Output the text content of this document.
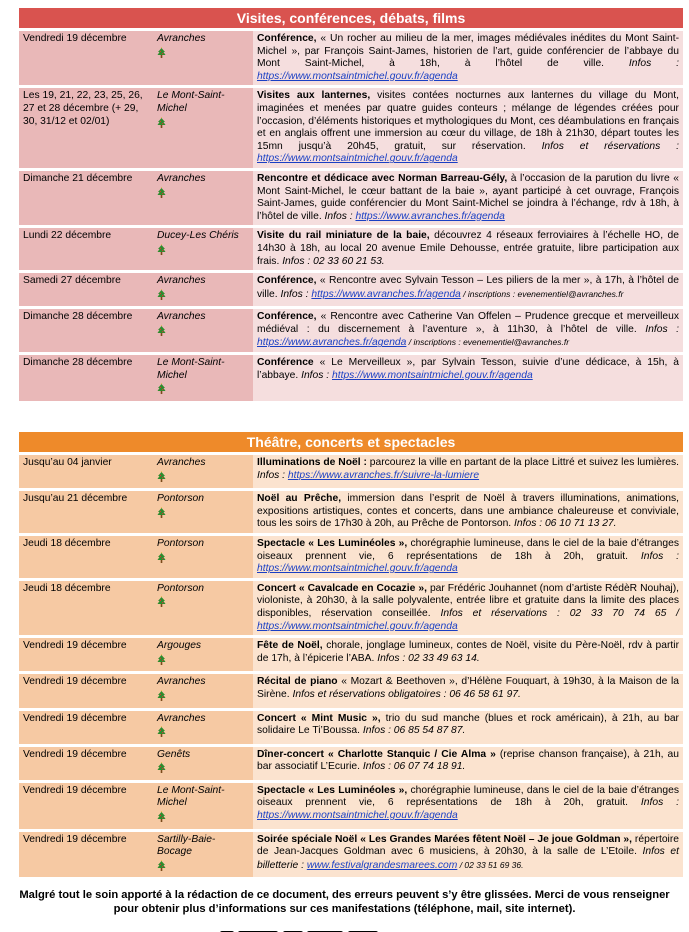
Visites, conférences, débats, films
Vendredi 19 décembre	Avranches	Conférence, « Un rocher au milieu de la mer, images médiévales inédites du Mont Saint-Michel », par François Saint-James, historien de l’art, guide conférencier de l’abbaye du Mont Saint-Michel, à 18h, à l’hôtel de ville. Infos : https://www.montsaintmichel.gouv.fr/agenda
Les 19, 21, 22, 23, 25, 26, 27 et 28 décembre (+ 29, 30, 31/12 et 02/01)	Le Mont-Saint-Michel	Visites aux lanternes, visites contées nocturnes aux lanternes du village du Mont, imaginées et menées par quatre guides conteurs ; mélange de légendes créées pour l’occasion, d’éléments historiques et mythologiques du Mont, ces déambulations en français et en anglais offrent une immersion au cœur du village, de 18h à 21h30, départ toutes les 15mn jusqu’à 20h45, gratuit, sur réservation. Infos et réservations : https://www.montsaintmichel.gouv.fr/agenda
Dimanche 21 décembre	Avranches	Rencontre et dédicace avec Norman Barreau-Gély, à l’occasion de la parution du livre « Mont Saint-Michel, le cœur battant de la baie », ayant participé à cet ouvrage, François Saint-James, guide conférencier du Mont Saint-Michel se joindra à l’échange, rdv à 18h, à l’hôtel de ville. Infos : https://www.avranches.fr/agenda
Lundi 22 décembre	Ducey-Les Chéris	Visite du rail miniature de la baie, découvrez 4 réseaux ferroviaires à l’échelle HO, de 14h30 à 18h, au local 20 avenue Emile Dehousse, entrée gratuite, libre participation aux frais. Infos : 02 33 60 21 53.
Samedi 27 décembre	Avranches	Conférence, « Rencontre avec Sylvain Tesson – Les piliers de la mer », à 17h, à l’hôtel de ville. Infos : https://www.avranches.fr/agenda / inscriptions : evenementiel@avranches.fr
Dimanche 28 décembre	Avranches	Conférence, « Rencontre avec Catherine Van Offelen – Prudence grecque et merveilleux médiéval : du discernement à l’aventure », à 11h30, à l’hôtel de ville. Infos : https://www.avranches.fr/agenda / inscriptions : evenementiel@avranches.fr
Dimanche 28 décembre	Le Mont-Saint-Michel	Conférence « Le Merveilleux », par Sylvain Tesson, suivie d’une dédicace, à 15h, à l’abbaye. Infos : https://www.montsaintmichel.gouv.fr/agenda
Théâtre, concerts et spectacles
Jusqu’au 04 janvier	Avranches	Illuminations de Noël : parcourez la ville en partant de la place Littré et suivez les lumières. Infos : https://www.avranches.fr/suivre-la-lumiere
Jusqu’au 21 décembre	Pontorson	Noël au Prêche, immersion dans l’esprit de Noël à travers illuminations, animations, expositions artistiques, contes et concerts, dans une ambiance chaleureuse et conviviale, tous les soirs de 17h30 à 20h, au Prêche de Pontorson. Infos : 06 10 71 13 27.
Jeudi 18 décembre	Pontorson	Spectacle « Les Luminéoles », chorégraphie lumineuse, dans le ciel de la baie d’étranges oiseaux prennent vie, 6 représentations de 18h à 20h, gratuit. Infos : https://www.montsaintmichel.gouv.fr/agenda
Jeudi 18 décembre	Pontorson	Concert « Cavalcade en Cocazie », par Frédéric Jouhannet (nom d’artiste RédèR Nouhaj), violoniste, à 20h30, à la salle polyvalente, entrée libre et gratuite dans la limite des places disponibles, réservation conseillée. Infos et réservations : 02 33 70 74 65 / https://www.montsaintmichel.gouv.fr/agenda
Vendredi 19 décembre	Argouges	Fête de Noël, chorale, jonglage lumineux, contes de Noël, visite du Père-Noël, rdv à partir de 17h, à l’épicerie l’ABA. Infos : 02 33 49 63 14.
Vendredi 19 décembre	Avranches	Récital de piano « Mozart & Beethoven », d’Hélène Fouquart, à 19h30, à la Maison de la Sirène. Infos et réservations obligatoires : 06 46 58 61 97.
Vendredi 19 décembre	Avranches	Concert « Mint Music », trio du sud manche (blues et rock américain), à 21h, au bar solidaire Le Ti’Boussa. Infos : 06 85 54 87 87.
Vendredi 19 décembre	Genêts	Dîner-concert « Charlotte Stanquic / Cie Alma » (reprise chanson française), à 21h, au bar associatif L’Ecurie. Infos : 06 07 74 18 91.
Vendredi 19 décembre	Le Mont-Saint-Michel	Spectacle « Les Luminéoles », chorégraphie lumineuse, dans le ciel de la baie d’étranges oiseaux prennent vie, 6 représentations de 18h à 20h, gratuit. Infos : https://www.montsaintmichel.gouv.fr/agenda
Vendredi 19 décembre	Sartilly-Baie-Bocage	Soirée spéciale Noël « Les Grandes Marées fêtent Noël – Je joue Goldman », répertoire de Jean-Jacques Goldman avec 6 musiciens, à 20h30, à la salle de L’Etoile. Infos et billetterie : www.festivalgrandesmarees.com / 02 33 51 69 36.
Malgré tout le soin apporté à la rédaction de ce document, des erreurs peuvent s’y être glissées. Merci de vous renseigner pour obtenir plus d’informations sur ces manifestations (téléphone, mail, site internet).
